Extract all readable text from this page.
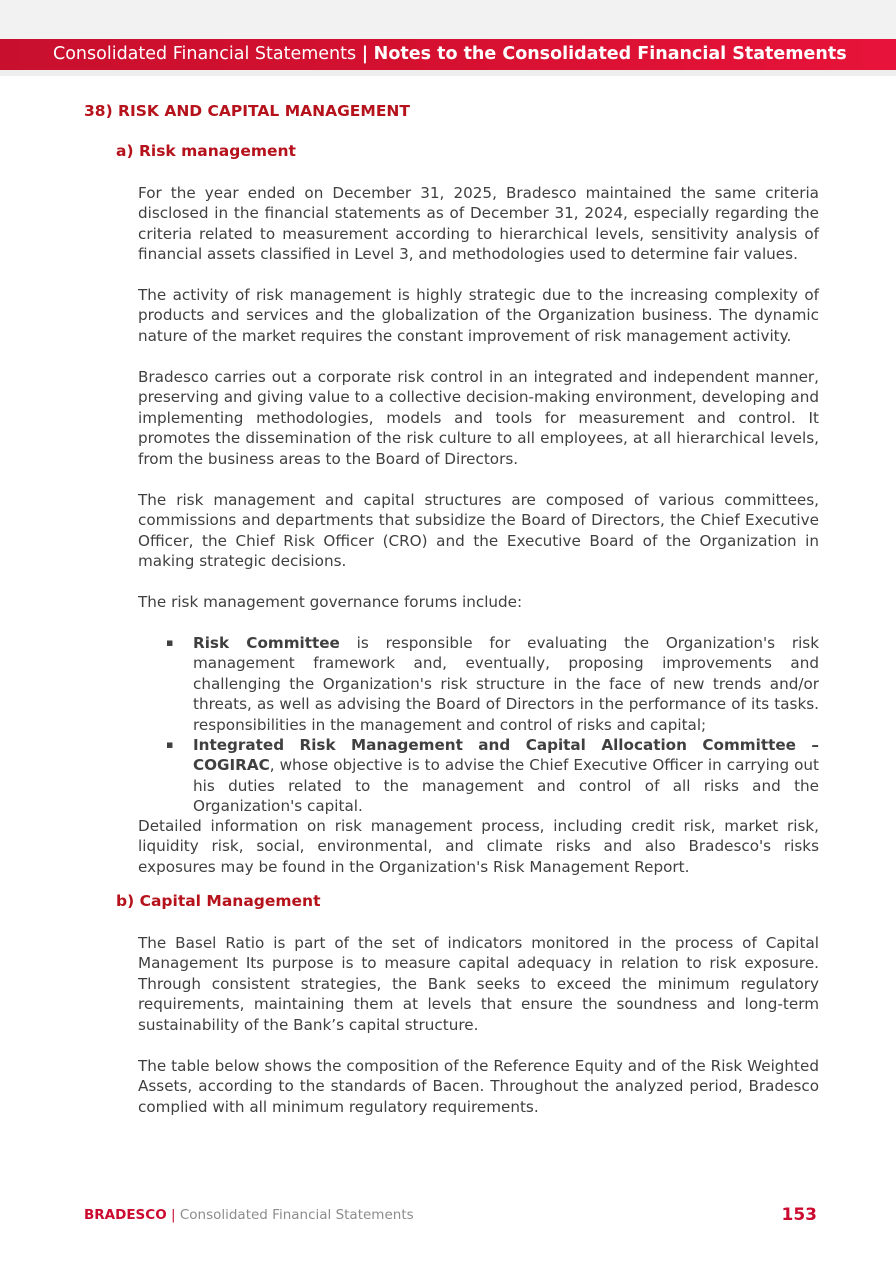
Consolidated Financial Statements | Notes to the Consolidated Financial Statements
38) RISK AND CAPITAL MANAGEMENT
a) Risk management

For the year ended on December 31, 2025, Bradesco maintained the same criteria disclosed in the financial statements as of December 31, 2024, especially regarding the criteria related to measurement according to hierarchical levels, sensitivity analysis of financial assets classified in Level 3, and methodologies used to determine fair values.

The activity of risk management is highly strategic due to the increasing complexity of products and services and the globalization of the Organization business. The dynamic nature of the market requires the constant improvement of risk management activity.

Bradesco carries out a corporate risk control in an integrated and independent manner, preserving and giving value to a collective decision-making environment, developing and implementing methodologies, models and tools for measurement and control. It promotes the dissemination of the risk culture to all employees, at all hierarchical levels, from the business areas to the Board of Directors.

The risk management and capital structures are composed of various committees, commissions and departments that subsidize the Board of Directors, the Chief Executive Officer, the Chief Risk Officer (CRO) and the Executive Board of the Organization in making strategic decisions.

The risk management governance forums include:

▪ Risk Committee is responsible for evaluating the Organization's risk management framework and, eventually, proposing improvements and challenging the Organization's risk structure in the face of new trends and/or threats, as well as advising the Board of Directors in the performance of its tasks. responsibilities in the management and control of risks and capital;
▪ Integrated Risk Management and Capital Allocation Committee – COGIRAC, whose objective is to advise the Chief Executive Officer in carrying out his duties related to the management and control of all risks and the Organization's capital.

Detailed information on risk management process, including credit risk, market risk, liquidity risk, social, environmental, and climate risks and also Bradesco's risks exposures may be found in the Organization's Risk Management Report.

b) Capital Management

The Basel Ratio is part of the set of indicators monitored in the process of Capital Management Its purpose is to measure capital adequacy in relation to risk exposure. Through consistent strategies, the Bank seeks to exceed the minimum regulatory requirements, maintaining them at levels that ensure the soundness and long-term sustainability of the Bank’s capital structure.

The table below shows the composition of the Reference Equity and of the Risk Weighted Assets, according to the standards of Bacen. Throughout the analyzed period, Bradesco complied with all minimum regulatory requirements.

BRADESCO | Consolidated Financial Statements	153
